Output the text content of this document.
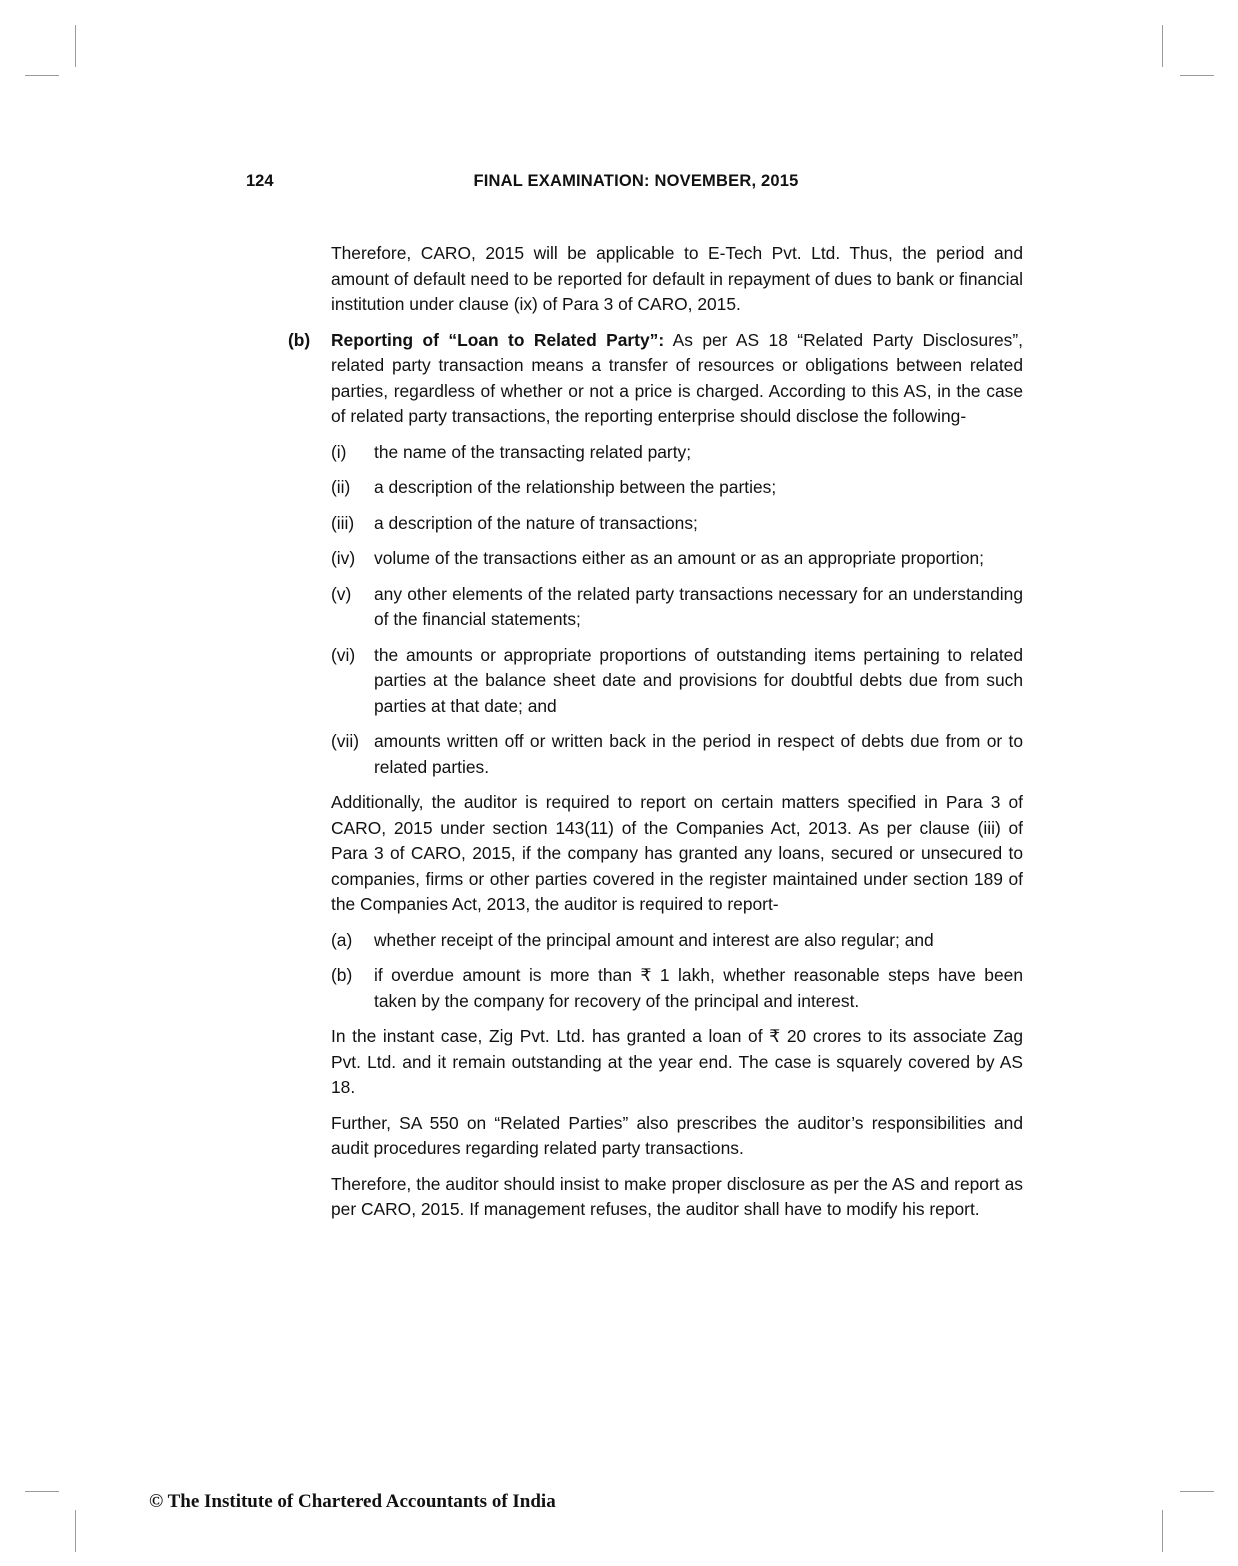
124	FINAL EXAMINATION: NOVEMBER, 2015

Therefore, CARO, 2015 will be applicable to E-Tech Pvt. Ltd. Thus, the period and amount of default need to be reported for default in repayment of dues to bank or financial institution under clause (ix) of Para 3 of CARO, 2015.

(b) Reporting of “Loan to Related Party”: As per AS 18 “Related Party Disclosures”, related party transaction means a transfer of resources or obligations between related parties, regardless of whether or not a price is charged. According to this AS, in the case of related party transactions, the reporting enterprise should disclose the following-
(i) the name of the transacting related party;
(ii) a description of the relationship between the parties;
(iii) a description of the nature of transactions;
(iv) volume of the transactions either as an amount or as an appropriate proportion;
(v) any other elements of the related party transactions necessary for an understanding of the financial statements;
(vi) the amounts or appropriate proportions of outstanding items pertaining to related parties at the balance sheet date and provisions for doubtful debts due from such parties at that date; and
(vii) amounts written off or written back in the period in respect of debts due from or to related parties.

Additionally, the auditor is required to report on certain matters specified in Para 3 of CARO, 2015 under section 143(11) of the Companies Act, 2013. As per clause (iii) of Para 3 of CARO, 2015, if the company has granted any loans, secured or unsecured to companies, firms or other parties covered in the register maintained under section 189 of the Companies Act, 2013, the auditor is required to report-

(a) whether receipt of the principal amount and interest are also regular; and
(b) if overdue amount is more than ₹ 1 lakh, whether reasonable steps have been taken by the company for recovery of the principal and interest.

In the instant case, Zig Pvt. Ltd. has granted a loan of ₹ 20 crores to its associate Zag Pvt. Ltd. and it remain outstanding at the year end. The case is squarely covered by AS 18.

Further, SA 550 on “Related Parties” also prescribes the auditor’s responsibilities and audit procedures regarding related party transactions.

Therefore, the auditor should insist to make proper disclosure as per the AS and report as per CARO, 2015. If management refuses, the auditor shall have to modify his report.

© The Institute of Chartered Accountants of India
